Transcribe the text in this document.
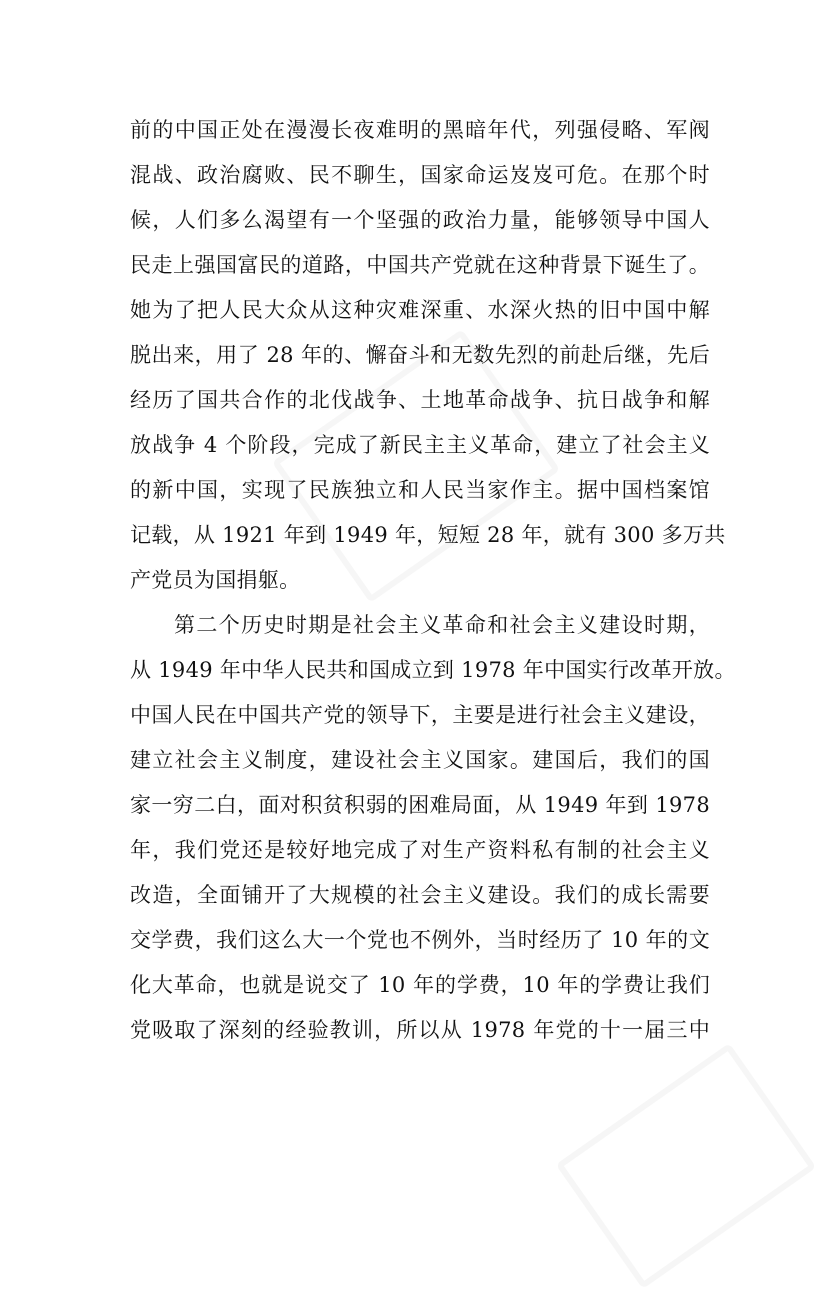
前的中国正处在漫漫长夜难明的黑暗年代，列强侵略、军阀
混战、政治腐败、民不聊生，国家命运岌岌可危。在那个时
候，人们多么渴望有一个坚强的政治力量，能够领导中国人
民走上强国富民的道路，中国共产党就在这种背景下诞生了。
她为了把人民大众从这种灾难深重、水深火热的旧中国中解
脱出来，用了 28 年的、懈奋斗和无数先烈的前赴后继，先后
经历了国共合作的北伐战争、土地革命战争、抗日战争和解
放战争 4 个阶段，完成了新民主主义革命，建立了社会主义
的新中国，实现了民族独立和人民当家作主。据中国档案馆
记载，从 1921 年到 1949 年，短短 28 年，就有 300 多万共
产党员为国捐躯。
第二个历史时期是社会主义革命和社会主义建设时期，
从 1949 年中华人民共和国成立到 1978 年中国实行改革开放。
中国人民在中国共产党的领导下，主要是进行社会主义建设，
建立社会主义制度，建设社会主义国家。建国后，我们的国
家一穷二白，面对积贫积弱的困难局面，从 1949 年到 1978
年，我们党还是较好地完成了对生产资料私有制的社会主义
改造，全面铺开了大规模的社会主义建设。我们的成长需要
交学费，我们这么大一个党也不例外，当时经历了 10 年的文
化大革命，也就是说交了 10 年的学费，10 年的学费让我们
党吸取了深刻的经验教训，所以从 1978 年党的十一届三中
